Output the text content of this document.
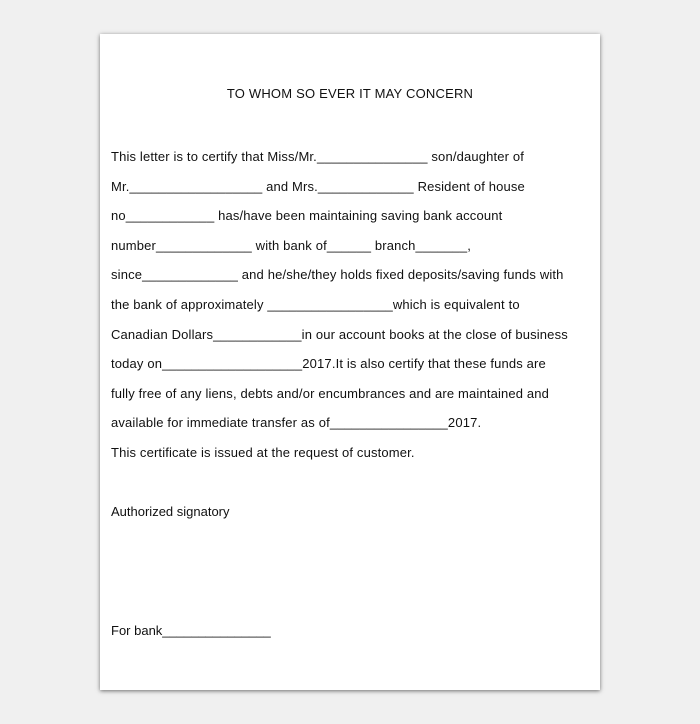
TO WHOM SO EVER IT MAY CONCERN
This letter is to certify that Miss/Mr._______________ son/daughter of
Mr.__________________ and Mrs._____________ Resident of house
no____________ has/have been maintaining saving bank account
number_____________ with bank of______ branch_______,
since_____________ and he/she/they holds fixed deposits/saving funds with
the bank of approximately _________________which is equivalent to
Canadian Dollars____________in our account books at the close of business
today on___________________2017.It is also certify that these funds are
fully free of any liens, debts and/or encumbrances and are maintained and
available for immediate transfer as of________________2017.
This certificate is issued at the request of customer.
Authorized signatory
For bank_______________
